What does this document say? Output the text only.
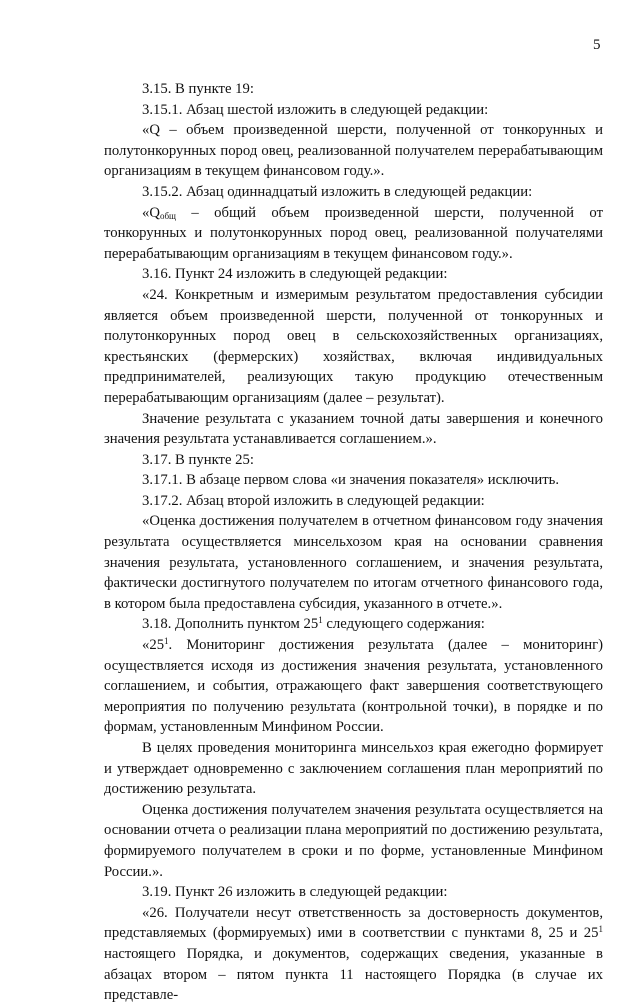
5

3.15. В пункте 19:

3.15.1. Абзац шестой изложить в следующей редакции:

«Q – объем произведенной шерсти, полученной от тонкорунных и полутонкорунных пород овец, реализованной получателем перерабатывающим организациям в текущем финансовом году.».

3.15.2. Абзац одиннадцатый изложить в следующей редакции:

«$Q_{общ}$ – общий объем произведенной шерсти, полученной от тонкорунных и полутонкорунных пород овец, реализованной получателями перерабатывающим организациям в текущем финансовом году.».

3.16. Пункт 24 изложить в следующей редакции:

«24. Конкретным и измеримым результатом предоставления субсидии является объем произведенной шерсти, полученной от тонкорунных и полутонкорунных пород овец в сельскохозяйственных организациях, крестьянских (фермерских) хозяйствах, включая индивидуальных предпринимателей, реализующих такую продукцию отечественным перерабатывающим организациям (далее – результат).

Значение результата с указанием точной даты завершения и конечного значения результата устанавливается соглашением.».

3.17. В пункте 25:

3.17.1. В абзаце первом слова «и значения показателя» исключить.

3.17.2. Абзац второй изложить в следующей редакции:

«Оценка достижения получателем в отчетном финансовом году значения результата осуществляется минсельхозом края на основании сравнения значения результата, установленного соглашением, и значения результата, фактически достигнутого получателем по итогам отчетного финансового года, в котором была предоставлена субсидия, указанного в отчете.».

3.18. Дополнить пунктом $25^1$ следующего содержания:

«$25^1$. Мониторинг достижения результата (далее – мониторинг) осуществляется исходя из достижения значения результата, установленного соглашением, и события, отражающего факт завершения соответствующего мероприятия по получению результата (контрольной точки), в порядке и по формам, установленным Минфином России.

В целях проведения мониторинга минсельхоз края ежегодно формирует и утверждает одновременно с заключением соглашения план мероприятий по достижению результата.

Оценка достижения получателем значения результата осуществляется на основании отчета о реализации плана мероприятий по достижению результата, формируемого получателем в сроки и по форме, установленные Минфином России.».

3.19. Пункт 26 изложить в следующей редакции:

«26. Получатели несут ответственность за достоверность документов, представляемых (формируемых) ими в соответствии с пунктами 8, 25 и $25^1$ настоящего Порядка, и документов, содержащих сведения, указанные в абзацах втором – пятом пункта 11 настоящего Порядка (в случае их представле-
